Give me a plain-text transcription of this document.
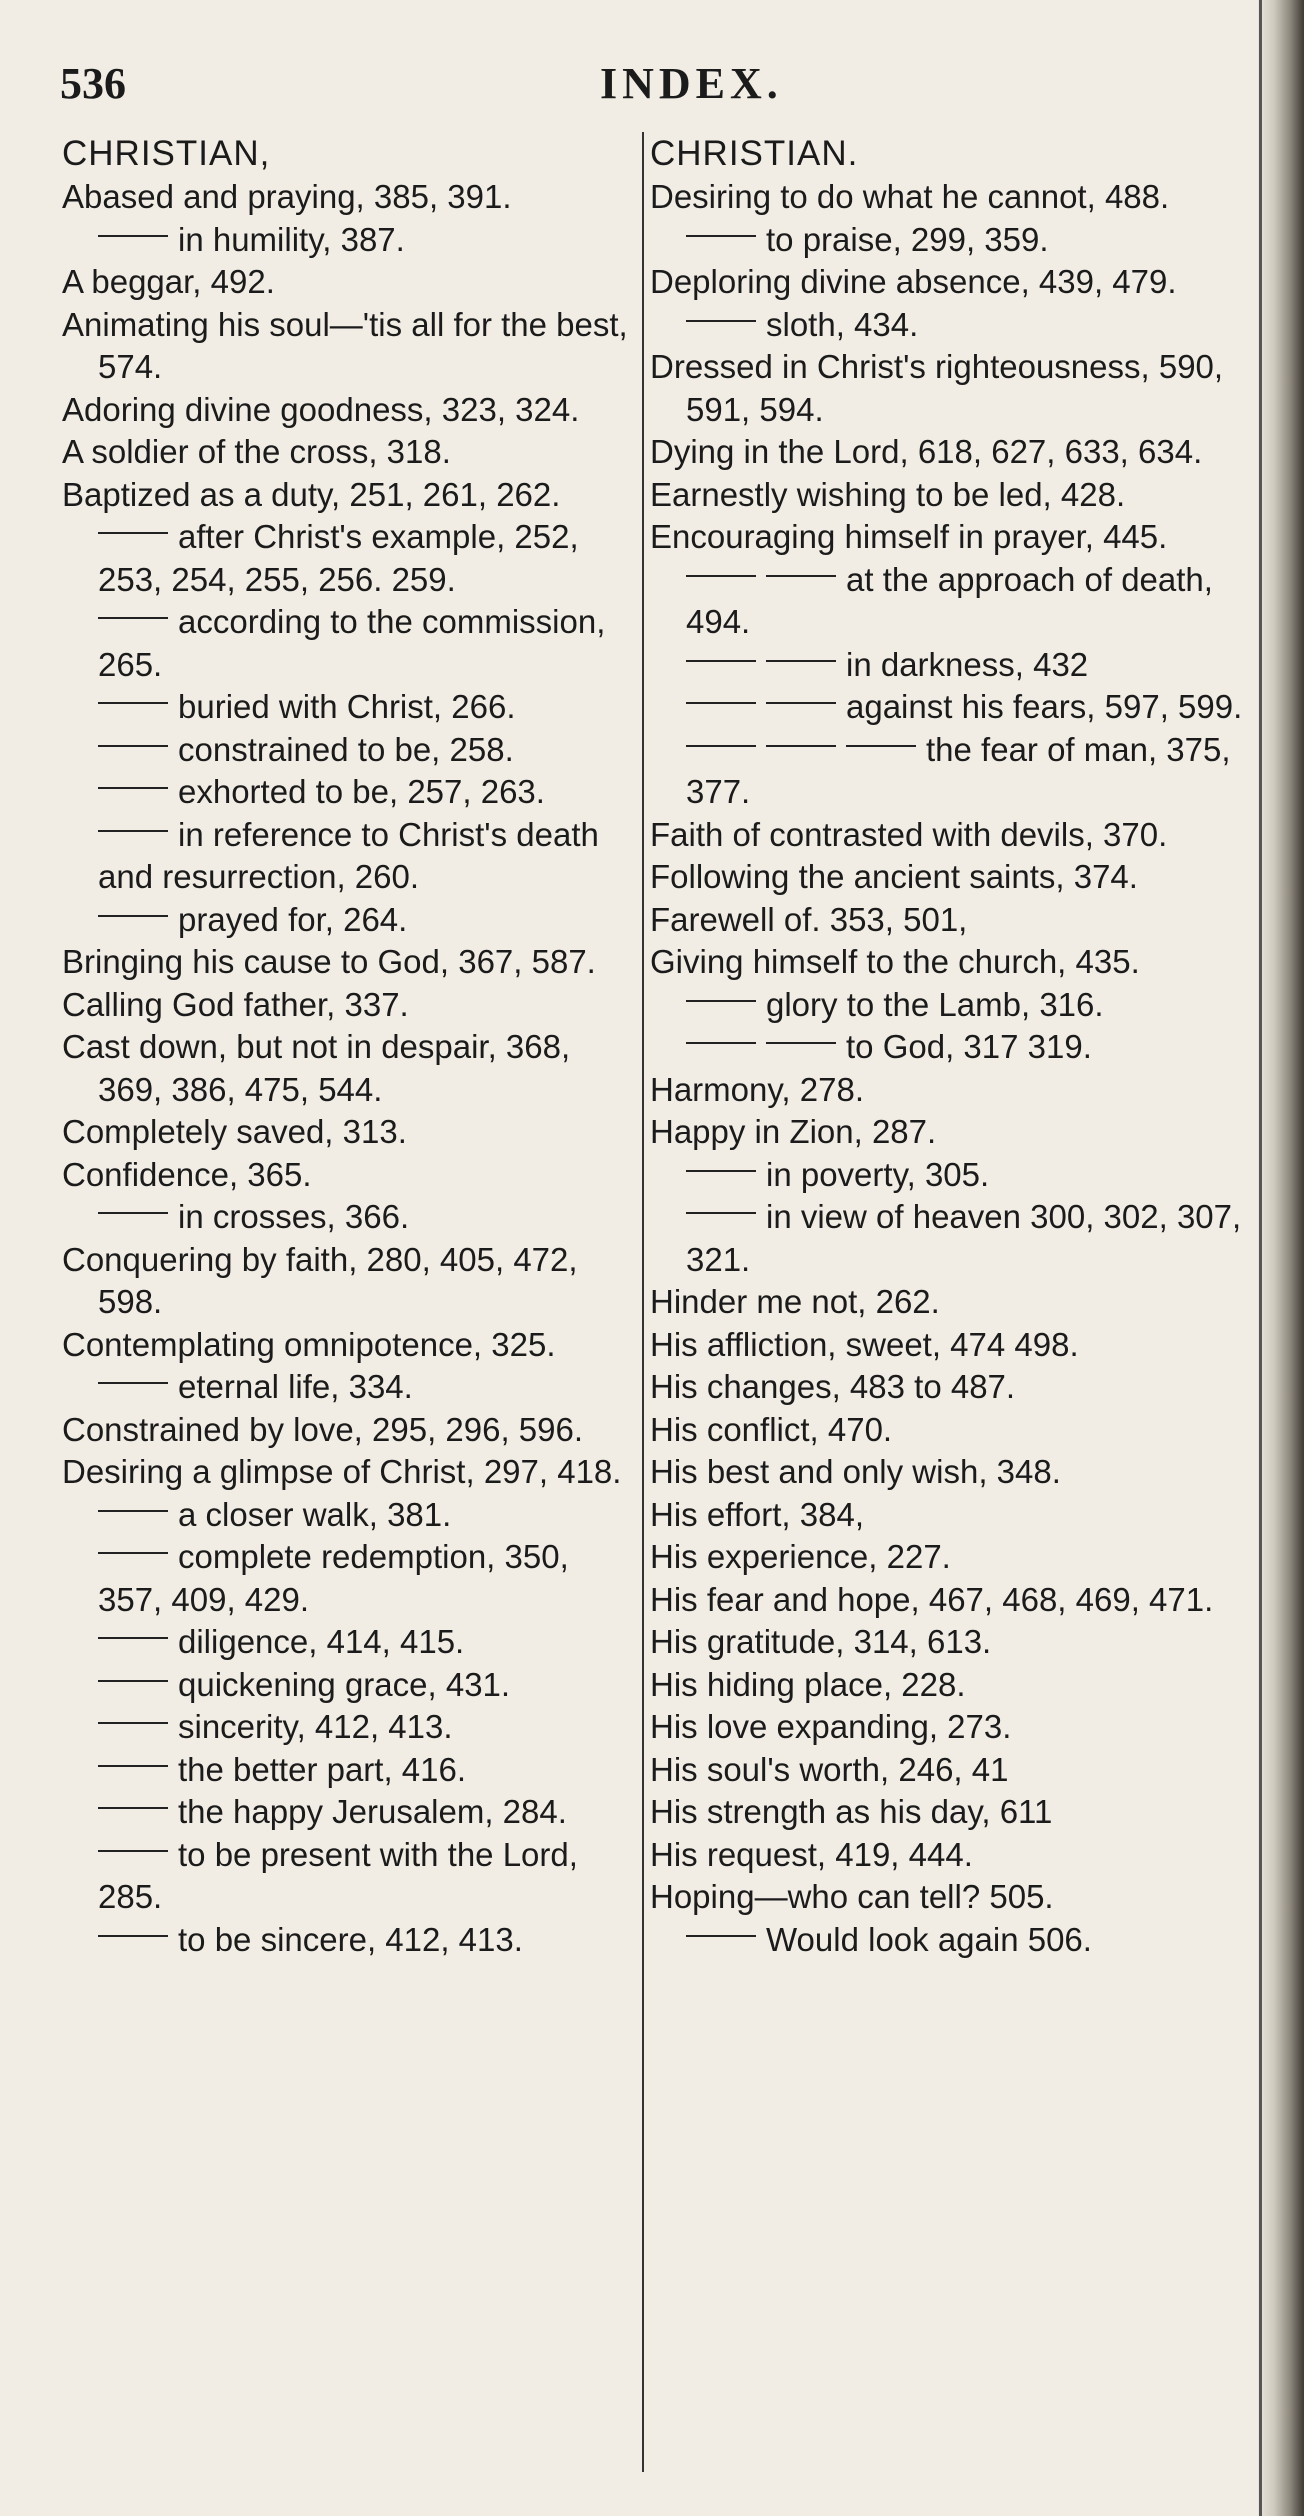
536	INDEX.
CHRISTIAN,
Abased and praying, 385, 391.
in humility, 387.
A beggar, 492.
Animating his soul—'tis all for the best, 574.
Adoring divine goodness, 323, 324.
A soldier of the cross, 318.
Baptized as a duty, 251, 261, 262.
after Christ's example, 252, 253, 254, 255, 256. 259.
according to the commission, 265.
buried with Christ, 266.
constrained to be, 258.
exhorted to be, 257, 263.
in reference to Christ's death and resurrection, 260.
prayed for, 264.
Bringing his cause to God, 367, 587.
Calling God father, 337.
Cast down, but not in despair, 368, 369, 386, 475, 544.
Completely saved, 313.
Confidence, 365.
in crosses, 366.
Conquering by faith, 280, 405, 472, 598.
Contemplating omnipotence, 325.
eternal life, 334.
Constrained by love, 295, 296, 596.
Desiring a glimpse of Christ, 297, 418.
a closer walk, 381.
complete redemption, 350, 357, 409, 429.
diligence, 414, 415.
quickening grace, 431.
sincerity, 412, 413.
the better part, 416.
the happy Jerusalem, 284.
to be present with the Lord, 285.
to be sincere, 412, 413.
CHRISTIAN.
Desiring to do what he cannot, 488.
to praise, 299, 359.
Deploring divine absence, 439, 479.
sloth, 434.
Dressed in Christ's righteousness, 590, 591, 594.
Dying in the Lord, 618, 627, 633, 634.
Earnestly wishing to be led, 428.
Encouraging himself in prayer, 445.
at the approach of death, 494.
in darkness, 432
against his fears, 597, 599.
the fear of man, 375, 377.
Faith of contrasted with devils, 370.
Following the ancient saints, 374.
Farewell of. 353, 501,
Giving himself to the church, 435.
glory to the Lamb, 316.
to God, 317 319.
Harmony, 278.
Happy in Zion, 287.
in poverty, 305.
in view of heaven 300, 302, 307, 321.
Hinder me not, 262.
His affliction, sweet, 474 498.
His changes, 483 to 487.
His conflict, 470.
His best and only wish, 348.
His effort, 384,
His experience, 227.
His fear and hope, 467, 468, 469, 471.
His gratitude, 314, 613.
His hiding place, 228.
His love expanding, 273.
His soul's worth, 246, 41
His strength as his day, 611
His request, 419, 444.
Hoping—who can tell? 505.
Would look again 506.
